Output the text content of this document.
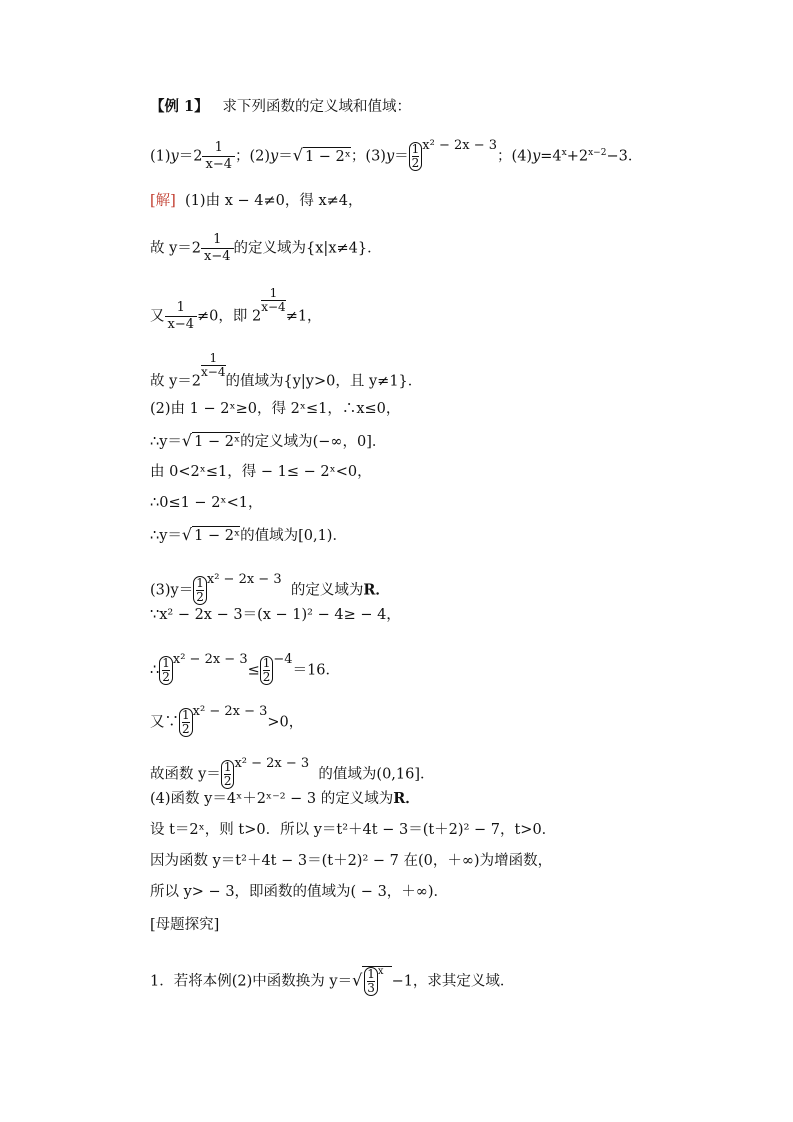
【例 1】 求下列函数的定义域和值域：
$(1)y=2 \frac{1}{x-4}$ ；(2)y＝√ 1 − 2ˣ；$(3)y= \frac{1}{2} x^2 - 2x - 3$；$(4)y=4^x+2^{x-2}-3$．
[解] (1)由 x − 4≠0，得 x≠4，
故 $y=2 \frac{1}{x-4}$ 的定义域为{x|x≠4}．
又 $\frac{1}{x-4} \ne 0$，即 2
$\frac{1}{x-4}$
≠1，
故 y＝2
$\frac{1}{x-4}$
的值域为{y|y>0，且 y≠1}．
(2)由 1 − 2ˣ≥0，得 2ˣ≤1，∴x≤0，
∴y＝√ 1 − 2ˣ的定义域为(−∞，0]．
由 0<2ˣ≤1，得 − 1≤ − 2ˣ<0，
∴0≤1 − 2ˣ<1，
∴y＝√ 1 − 2ˣ的值域为[0,1)．
$(3)y= \frac{1}{2} x^2 - 2x - 3$  的定义域为R．
∵x² − 2x − 3＝(x − 1)² − 4≥ − 4，
∴ $\frac{1}{2} x^2 - 2x - 3\le \frac{1}{2} -4=16$．
又∵ $\frac{1}{2} x^2 - 2x - 3>0$，
故函数 $y= \frac{1}{2} x^2 - 2x - 3$  的值域为(0,16]．
(4)函数 y＝4ˣ＋2ˣ⁻² − 3 的定义域为R．
设 t＝2ˣ，则 t>0．所以 y＝t²＋4t − 3＝(t＋2)² − 7，t>0．
因为函数 y＝t²＋4t − 3＝(t＋2)² − 7 在(0，＋∞)为增函数，
所以 y> − 3，即函数的值域为( − 3，＋∞)．
[母题探究]
1．若将本例(2)中函数换为 $y=√ \frac{1}{3} x-1$，求其定义域．
